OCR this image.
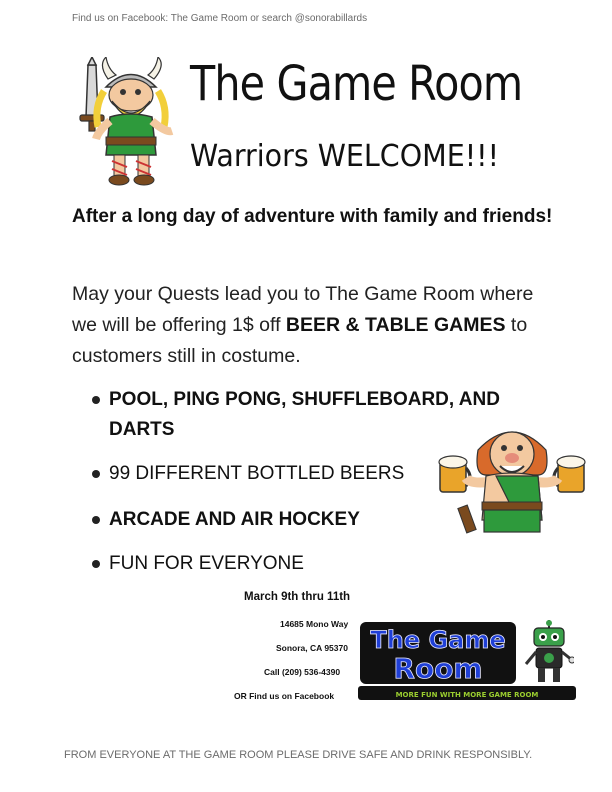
Find us on Facebook: The Game Room or search @sonorabillards
The Game Room
Warriors WELCOME!!!
After a long day of adventure with family and friends!
May your Quests lead you to The Game Room where we will be offering 1$ off BEER & TABLE GAMES to customers still in costume.
POOL, PING PONG, SHUFFLEBOARD, AND DARTS
99 DIFFERENT BOTTLED BEERS
ARCADE AND AIR HOCKEY
FUN FOR EVERYONE
March 9th thru 11th
14685 Mono Way
Sonora, CA 95370
Call (209) 536-4390
OR Find us on Facebook
The Game
Room
MORE FUN WITH MORE GAME ROOM
FROM EVERYONE AT THE GAME ROOM PLEASE DRIVE SAFE AND DRINK RESPONSIBLY.
